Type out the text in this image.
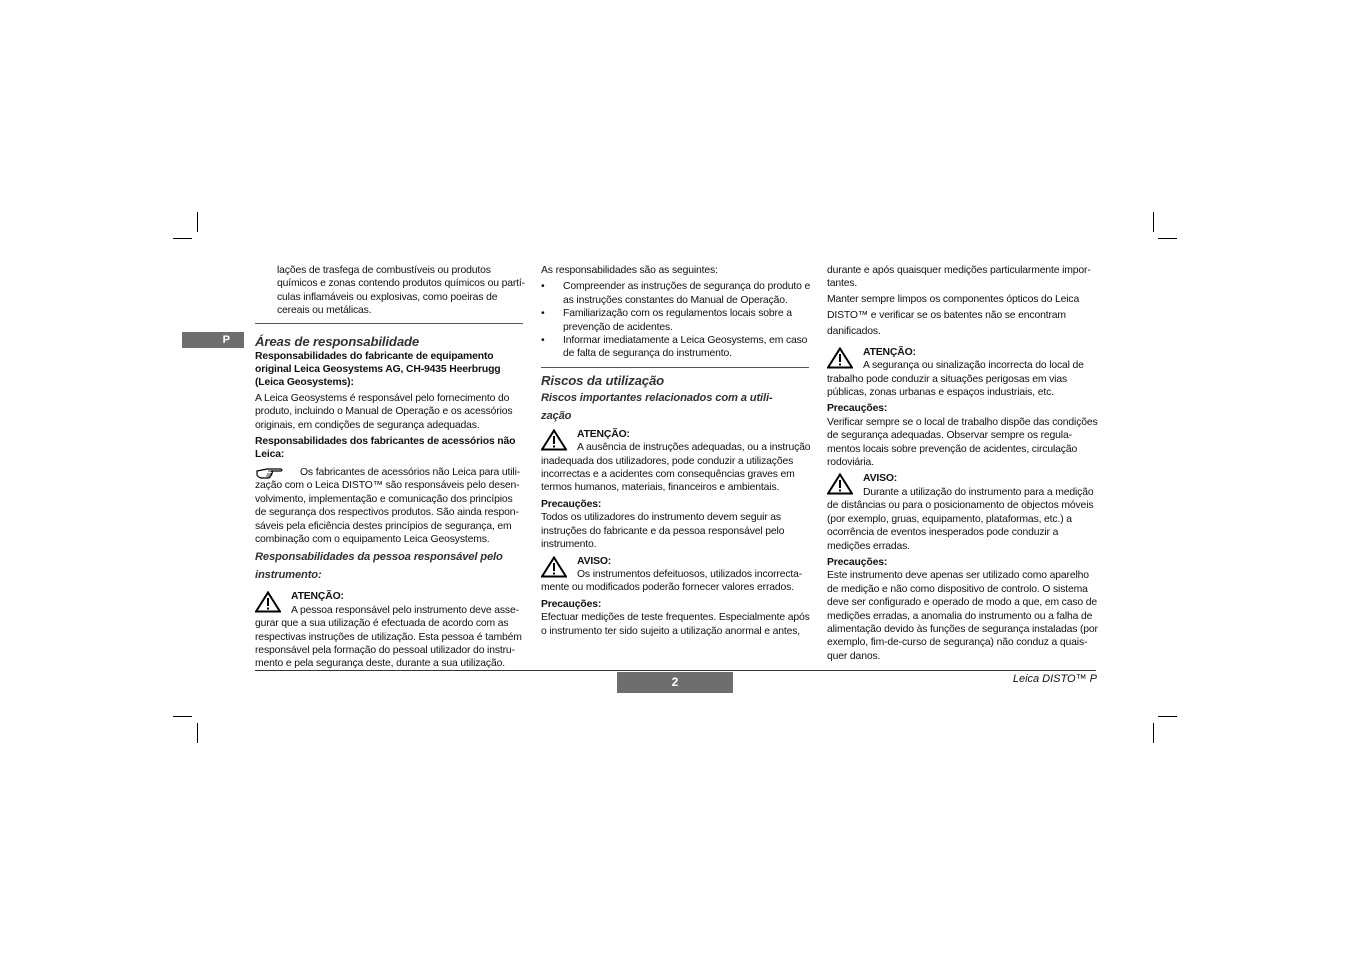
P

lações de trasfega de combustíveis ou produtos

químicos e zonas contendo produtos químicos ou partí-

culas inflamáveis ou explosivas, como poeiras de

cereais ou metálicas.

Áreas de responsabilidade

Responsabilidades do fabricante de equipamento

original Leica Geosystems AG, CH-9435 Heerbrugg

(Leica Geosystems):

A Leica Geosystems é responsável pelo fornecimento do

produto, incluindo o Manual de Operação e os acessórios

originais, em condições de segurança adequadas.

Responsabilidades dos fabricantes de acessórios não

Leica:

Os fabricantes de acessórios não Leica para utili-

zação com o Leica DISTO™ são responsáveis pelo desen-

volvimento, implementação e comunicação dos princípios

de segurança dos respectivos produtos. São ainda respon-

sáveis pela eficiência destes princípios de segurança, em

combinação com o equipamento Leica Geosystems.

Responsabilidades da pessoa responsável pelo

instrumento:

ATENÇÃO:

A pessoa responsável pelo instrumento deve asse-

gurar que a sua utilização é efectuada de acordo com as

respectivas instruções de utilização. Esta pessoa é também

responsável pela formação do pessoal utilizador do instru-

mento e pela segurança deste, durante a sua utilização.

As responsabilidades são as seguintes:

• Compreender as instruções de segurança do produto e

as instruções constantes do Manual de Operação.

• Familiarização com os regulamentos locais sobre a

prevenção de acidentes.

• Informar imediatamente a Leica Geosystems, em caso

de falta de segurança do instrumento.

Riscos da utilização

Riscos importantes relacionados com a utili-

zação

ATENÇÃO:

A ausência de instruções adequadas, ou a instrução

inadequada dos utilizadores, pode conduzir a utilizações

incorrectas e a acidentes com consequências graves em

termos humanos, materiais, financeiros e ambientais.

Precauções:

Todos os utilizadores do instrumento devem seguir as

instruções do fabricante e da pessoa responsável pelo

instrumento.

AVISO:

Os instrumentos defeituosos, utilizados incorrecta-

mente ou modificados poderão fornecer valores errados.

Precauções:

Efectuar medições de teste frequentes. Especialmente após

o instrumento ter sido sujeito a utilização anormal e antes,

durante e após quaisquer medições particularmente impor-

tantes.

Manter sempre limpos os componentes ópticos do Leica

DISTO™ e verificar se os batentes não se encontram

danificados.

ATENÇÃO:

A segurança ou sinalização incorrecta do local de

trabalho pode conduzir a situações perigosas em vias

públicas, zonas urbanas e espaços industriais, etc.

Precauções:

Verificar sempre se o local de trabalho dispõe das condições

de segurança adequadas. Observar sempre os regula-

mentos locais sobre prevenção de acidentes, circulação

rodoviária.

AVISO:

Durante a utilização do instrumento para a medição

de distâncias ou para o posicionamento de objectos móveis

(por exemplo, gruas, equipamento, plataformas, etc.) a

ocorrência de eventos inesperados pode conduzir a

medições erradas.

Precauções:

Este instrumento deve apenas ser utilizado como aparelho

de medição e não como dispositivo de controlo. O sistema

deve ser configurado e operado de modo a que, em caso de

medições erradas, a anomalia do instrumento ou a falha de

alimentação devido às funções de segurança instaladas (por

exemplo, fim-de-curso de segurança) não conduz a quais-

quer danos.

2	Leica DISTO™ P
